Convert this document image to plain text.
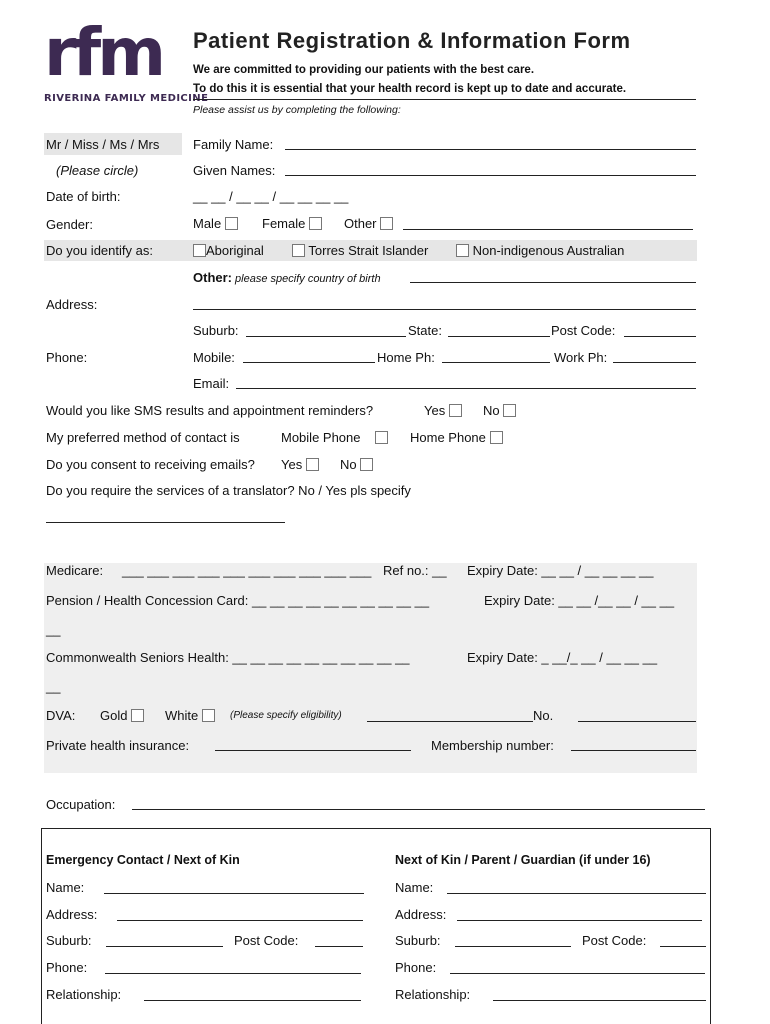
rfm
RIVERINA FAMILY MEDICINE
Patient Registration & Information Form
We are committed to providing our patients with the best care.
To do this it is essential that your health record is kept up to date and accurate.
Please assist us by completing the following:
Mr / Miss / Ms / Mrs	Family Name:
(Please circle)	Given Names:
Date of birth:	__ __ / __ __ / __ __ __ __
Gender:	Male	Female	Other
Do you identify as:	Aboriginal	Torres Strait Islander	Non-indigenous Australian
Other: please specify country of birth
Address:
Suburb:	State:	Post Code:
Phone:	Mobile:	Home Ph:	Work Ph:
Email:
Would you like SMS results and appointment reminders?	Yes	No
My preferred method of contact is	Mobile Phone	Home Phone
Do you consent to receiving emails? Yes	No
Do you require the services of a translator? No / Yes pls specify
Medicare: ___ ___ ___ ___ ___ ___ ___ ___ ___ ___ Ref no.: __ Expiry Date: __ __ / __ __ __ __
Pension / Health Concession Card: __ __ __ __ __ __ __ __ __ __	Expiry Date: __ __ /__ __ / __ __
__
Commonwealth Seniors Health: __ __ __ __ __ __ __ __ __ __	Expiry Date: _ __/_ __ / __ __ __
__
DVA: Gold	White	(Please specify eligibility)	No.
Private health insurance:	Membership number:
Occupation:
Emergency Contact / Next of Kin	Next of Kin / Parent / Guardian (if under 16)
Name:	Name:
Address:	Address:
Suburb:	Post Code:	Suburb:	Post Code:
Phone:	Phone:
Relationship:	Relationship:
